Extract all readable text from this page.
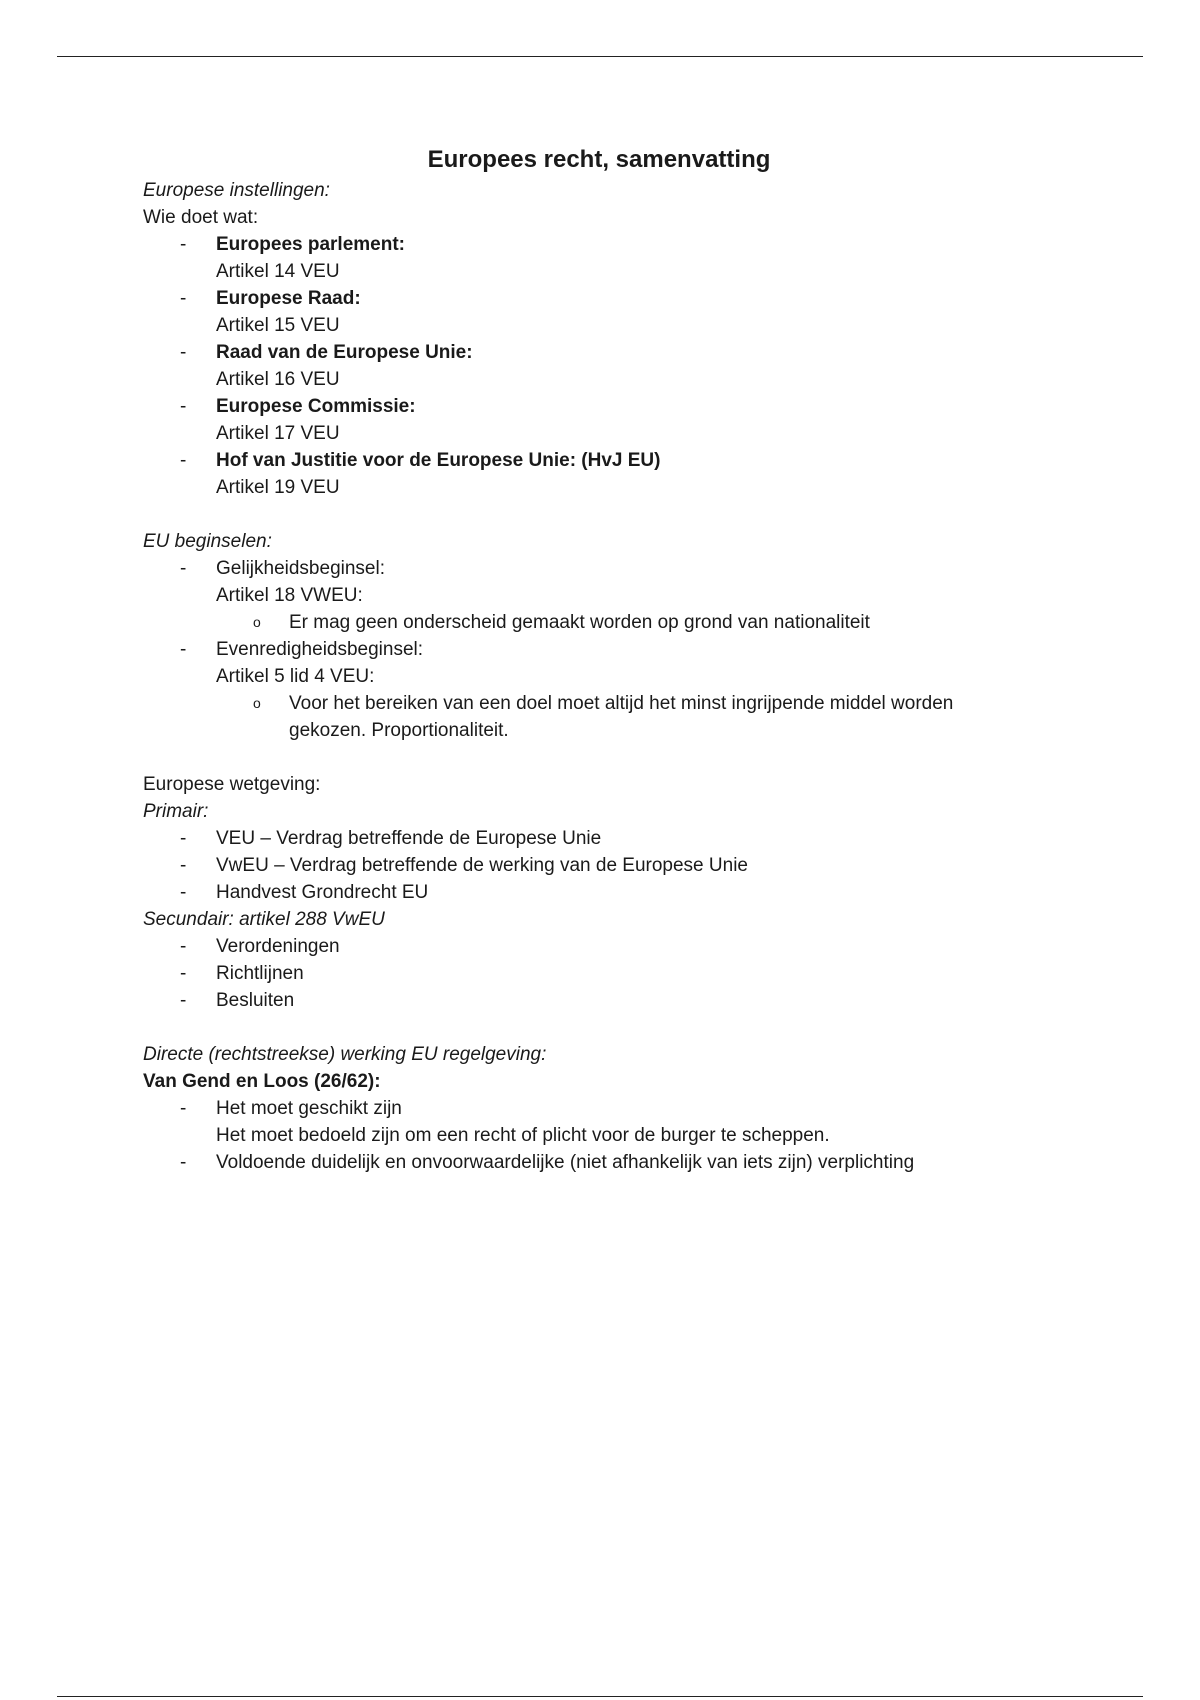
Europees recht, samenvatting
Europese instellingen:
Wie doet wat:
- Europees parlement:
Artikel 14 VEU
- Europese Raad:
Artikel 15 VEU
- Raad van de Europese Unie:
Artikel 16 VEU
- Europese Commissie:
Artikel 17 VEU
- Hof van Justitie voor de Europese Unie: (HvJ EU)
Artikel 19 VEU
EU beginselen:
- Gelijkheidsbeginsel:
Artikel 18 VWEU:
o Er mag geen onderscheid gemaakt worden op grond van nationaliteit
- Evenredigheidsbeginsel:
Artikel 5 lid 4 VEU:
o Voor het bereiken van een doel moet altijd het minst ingrijpende middel worden
gekozen. Proportionaliteit.
Europese wetgeving:
Primair:
- VEU – Verdrag betreffende de Europese Unie
- VwEU – Verdrag betreffende de werking van de Europese Unie
- Handvest Grondrecht EU
Secundair: artikel 288 VwEU
- Verordeningen
- Richtlijnen
- Besluiten
Directe (rechtstreekse) werking EU regelgeving:
Van Gend en Loos (26/62):
- Het moet geschikt zijn
Het moet bedoeld zijn om een recht of plicht voor de burger te scheppen.
- Voldoende duidelijk en onvoorwaardelijke (niet afhankelijk van iets zijn) verplichting
